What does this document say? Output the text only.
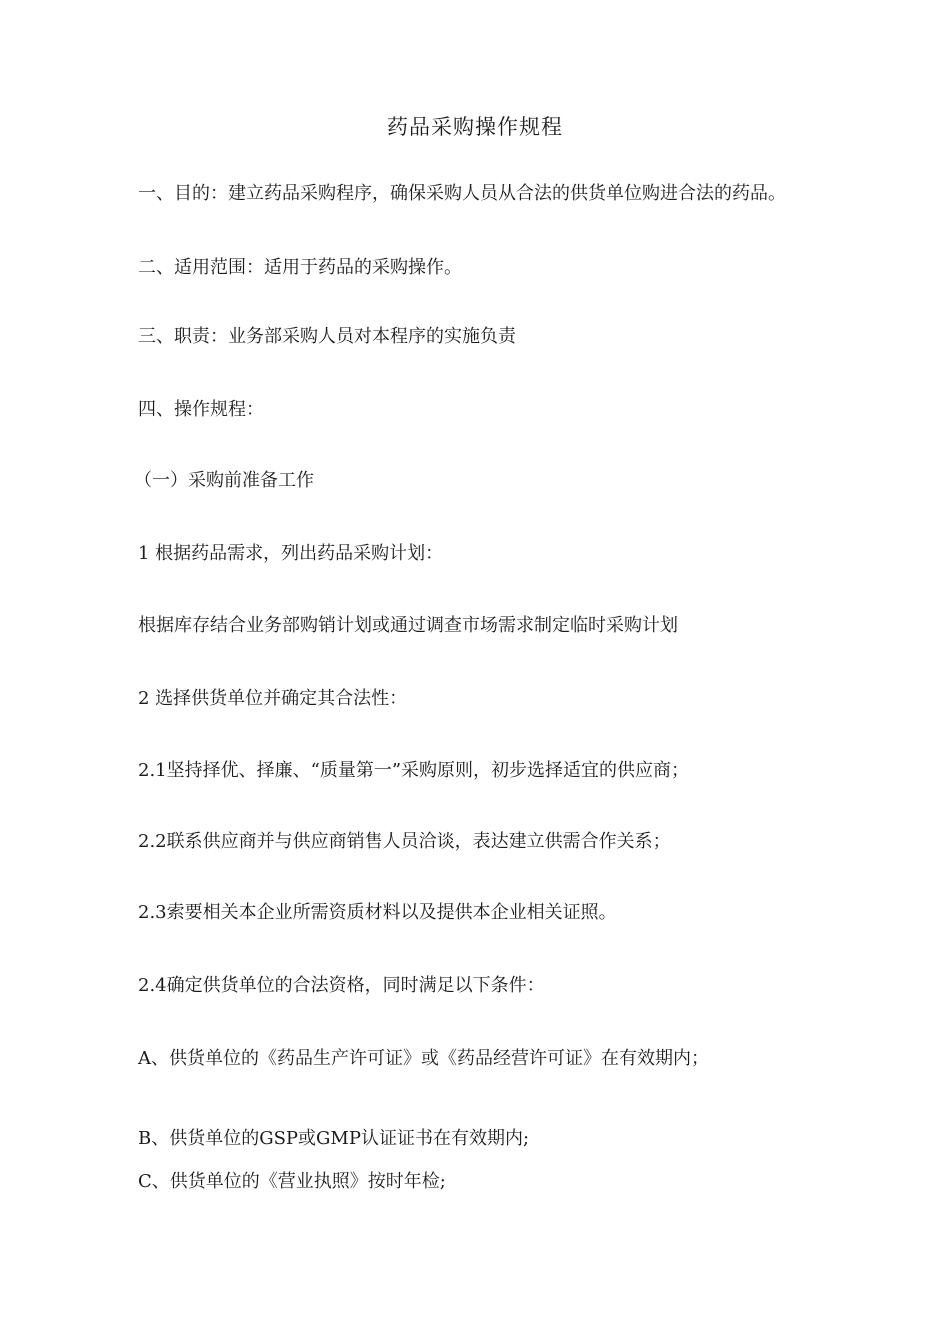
药品采购操作规程
一、目的：建立药品采购程序，确保采购人员从合法的供货单位购进合法的药品。
二、适用范围：适用于药品的采购操作。
三、职责：业务部采购人员对本程序的实施负责
四、操作规程：
（一）采购前准备工作
1 根据药品需求，列出药品采购计划：
根据库存结合业务部购销计划或通过调查市场需求制定临时采购计划
2 选择供货单位并确定其合法性：
2.1坚持择优、择廉、“质量第一”采购原则，初步选择适宜的供应商；
2.2联系供应商并与供应商销售人员洽谈，表达建立供需合作关系；
2.3索要相关本企业所需资质材料以及提供本企业相关证照。
2.4确定供货单位的合法资格，同时满足以下条件：
A、供货单位的《药品生产许可证》或《药品经营许可证》在有效期内；
B、供货单位的GSP或GMP认证证书在有效期内;
C、供货单位的《营业执照》按时年检;
